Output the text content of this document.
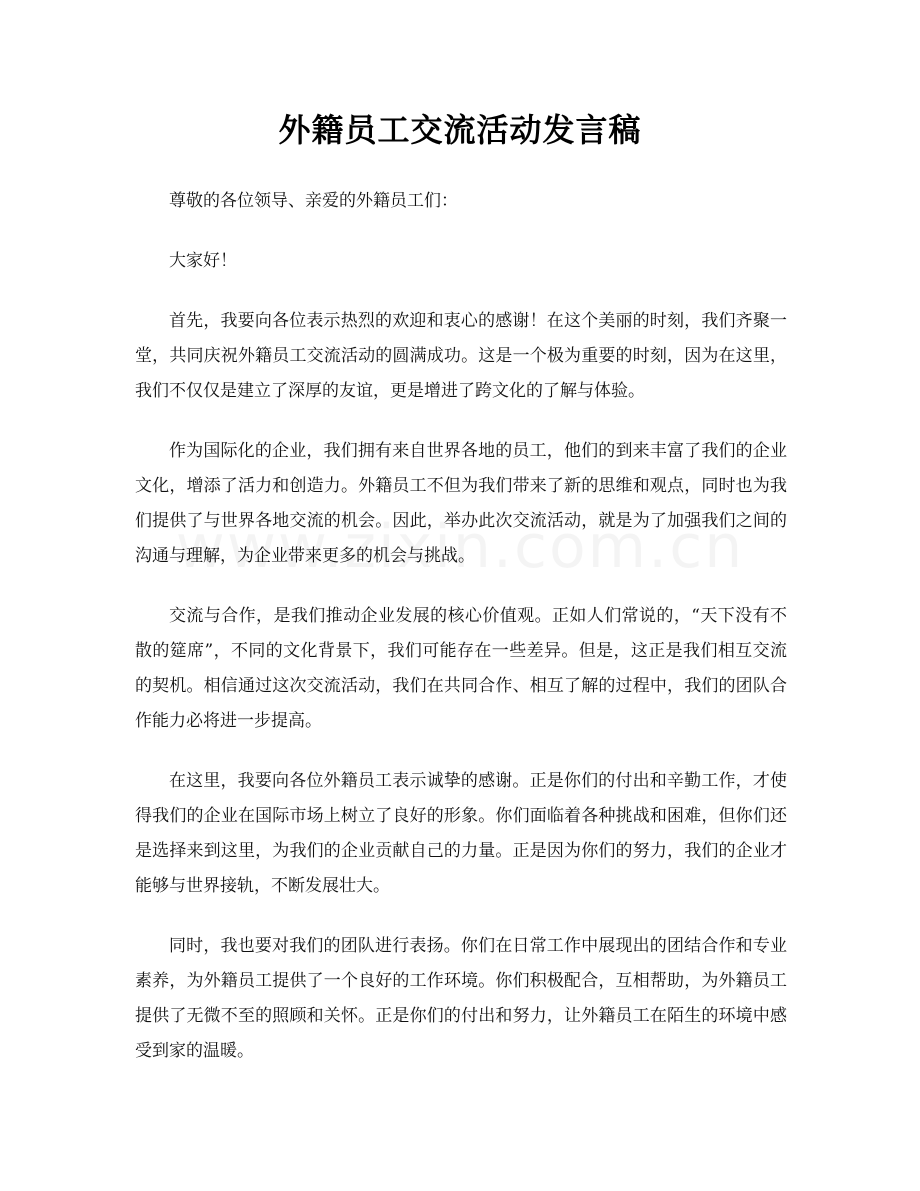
外籍员工交流活动发言稿

尊敬的各位领导、亲爱的外籍员工们：

大家好！

首先，我要向各位表示热烈的欢迎和衷心的感谢！在这个美丽的时刻，我们齐聚一堂，共同庆祝外籍员工交流活动的圆满成功。这是一个极为重要的时刻，因为在这里，我们不仅仅是建立了深厚的友谊，更是增进了跨文化的了解与体验。

作为国际化的企业，我们拥有来自世界各地的员工，他们的到来丰富了我们的企业文化，增添了活力和创造力。外籍员工不但为我们带来了新的思维和观点，同时也为我们提供了与世界各地交流的机会。因此，举办此次交流活动，就是为了加强我们之间的沟通与理解，为企业带来更多的机会与挑战。

交流与合作，是我们推动企业发展的核心价值观。正如人们常说的，“天下没有不散的筵席”，不同的文化背景下，我们可能存在一些差异。但是，这正是我们相互交流的契机。相信通过这次交流活动，我们在共同合作、相互了解的过程中，我们的团队合作能力必将进一步提高。

在这里，我要向各位外籍员工表示诚挚的感谢。正是你们的付出和辛勤工作，才使得我们的企业在国际市场上树立了良好的形象。你们面临着各种挑战和困难，但你们还是选择来到这里，为我们的企业贡献自己的力量。正是因为你们的努力，我们的企业才能够与世界接轨，不断发展壮大。

同时，我也要对我们的团队进行表扬。你们在日常工作中展现出的团结合作和专业素养，为外籍员工提供了一个良好的工作环境。你们积极配合，互相帮助，为外籍员工提供了无微不至的照顾和关怀。正是你们的付出和努力，让外籍员工在陌生的环境中感受到家的温暖。
